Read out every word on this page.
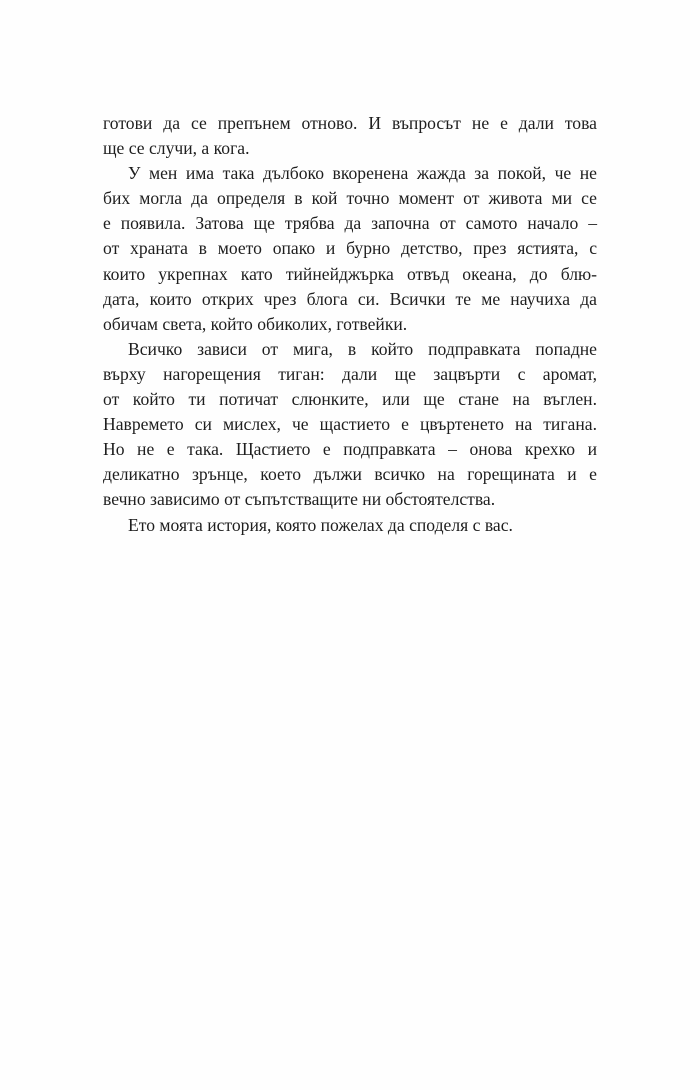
готови да се препънем отново. И въпросът не е дали това
ще се случи, а кога.
У мен има така дълбоко вкоренена жажда за покой, че не
бих могла да определя в кой точно момент от живота ми се
е появила. Затова ще трябва да започна от самото начало –
от храната в моето опако и бурно детство, през ястията, с
които укрепнах като тийнейджърка отвъд океана, до блю-
дата, които открих чрез блога си. Всички те ме научиха да
обичам света, който обиколих, готвейки.
Всичко зависи от мига, в който подправката попадне
върху нагорещения тиган: дали ще зацвърти с аромат,
от който ти потичат слюнките, или ще стане на въглен.
Навремето си мислех, че щастието е цвъртенето на тигана.
Но не е така. Щастието е подправката – онова крехко и
деликатно зрънце, което дължи всичко на горещината и е
вечно зависимо от съпътстващите ни обстоятелства.
Ето моята история, която пожелах да споделя с вас.
